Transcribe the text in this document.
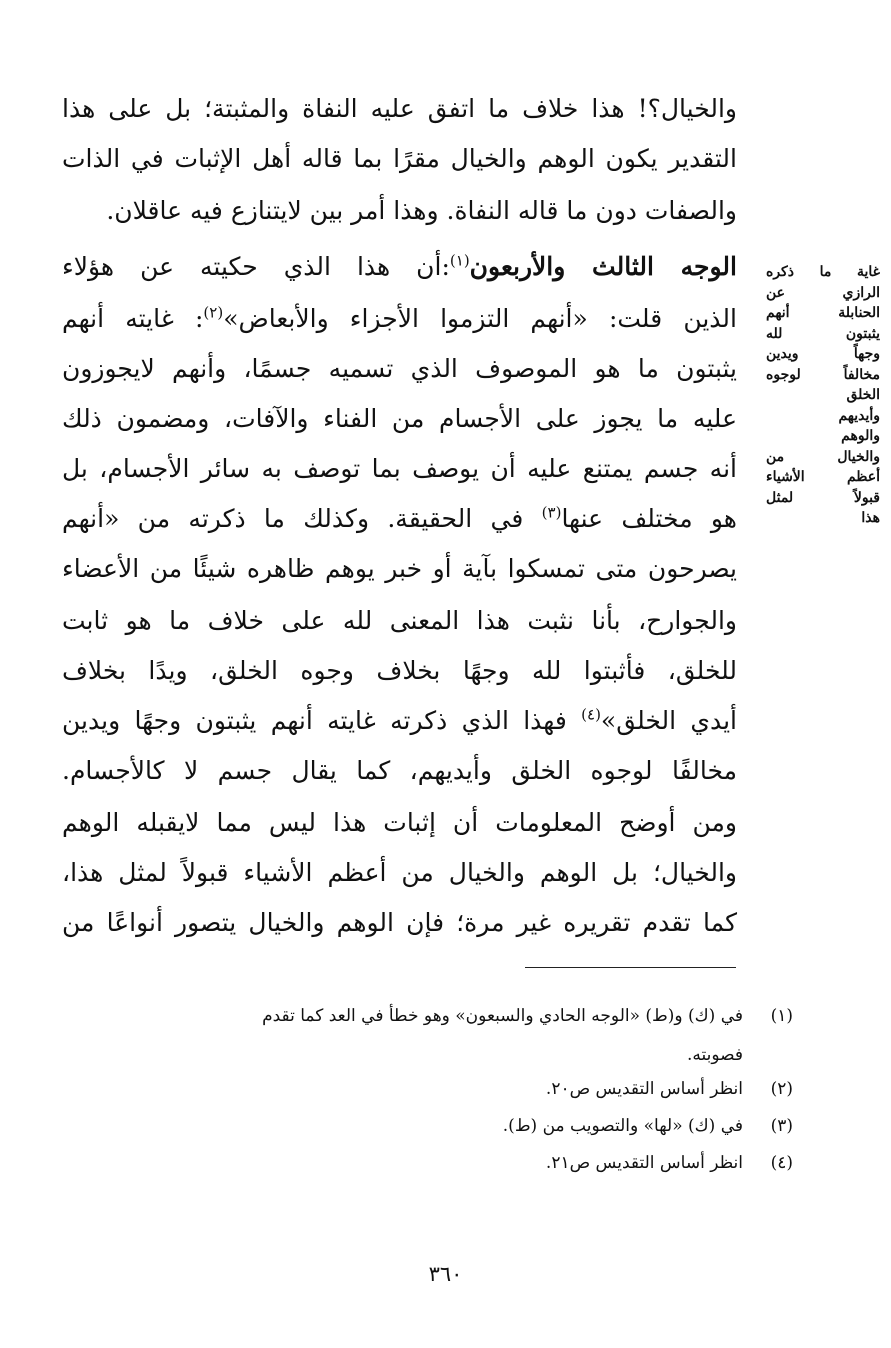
والخيال؟! هذا خلاف ما اتفق عليه النفاة والمثبتة؛ بل على هذا
التقدير يكون الوهم والخيال مقرًا بما قاله أهل الإثبات في الذات
والصفات دون ما قاله النفاة. وهذا أمر بين لايتنازع فيه عاقلان.
الوجه الثالث والأربعون$^{(١)}$:أن هذا الذي حكيته عن هؤلاء
الذين قلت: «أنهم التزموا الأجزاء والأبعاض»$^{(٢)}$: غايته أنهم
يثبتون ما هو الموصوف الذي تسميه جسمًا، وأنهم لايجوزون
عليه ما يجوز على الأجسام من الفناء والآفات، ومضمون ذلك
أنه جسم يمتنع عليه أن يوصف بما توصف به سائر الأجسام، بل
هو مختلف عنها$^{(٣)}$ في الحقيقة. وكذلك ما ذكرته من «أنهم
يصرحون متى تمسكوا بآية أو خبر يوهم ظاهره شيئًا من الأعضاء
والجوارح، بأنا نثبت هذا المعنى لله على خلاف ما هو ثابت
للخلق، فأثبتوا لله وجهًا بخلاف وجوه الخلق، ويدًا بخلاف
أيدي الخلق»$^{(٤)}$ فهذا الذي ذكرته غايته أنهم يثبتون وجهًا ويدين
مخالفًا لوجوه الخلق وأيديهم، كما يقال جسم لا كالأجسام.
ومن أوضح المعلومات أن إثبات هذا ليس مما لايقبله الوهم
والخيال؛ بل الوهم والخيال من أعظم الأشياء قبولاً لمثل هذا،
كما تقدم تقريره غير مرة؛ فإن الوهم والخيال يتصور أنواعًا من
غاية ما ذكره
الرازي عن
الحنابلة أنهم
يثبتون لله
وجهاً ويدين
مخالفاً لوجوه
الخلق
وأيديهم
والوهم
والخيال من
أعظم الأشياء
قبولاً لمثل
هذا
(١)
في (ك) و(ط) «الوجه الحادي والسبعون» وهو خطأ في العد كما تقدم
فصوبته.
(٢)
انظر أساس التقديس ص٢٠.
(٣)
في (ك) «لها» والتصويب من (ط).
(٤)
انظر أساس التقديس ص٢١.
٣٦٠
